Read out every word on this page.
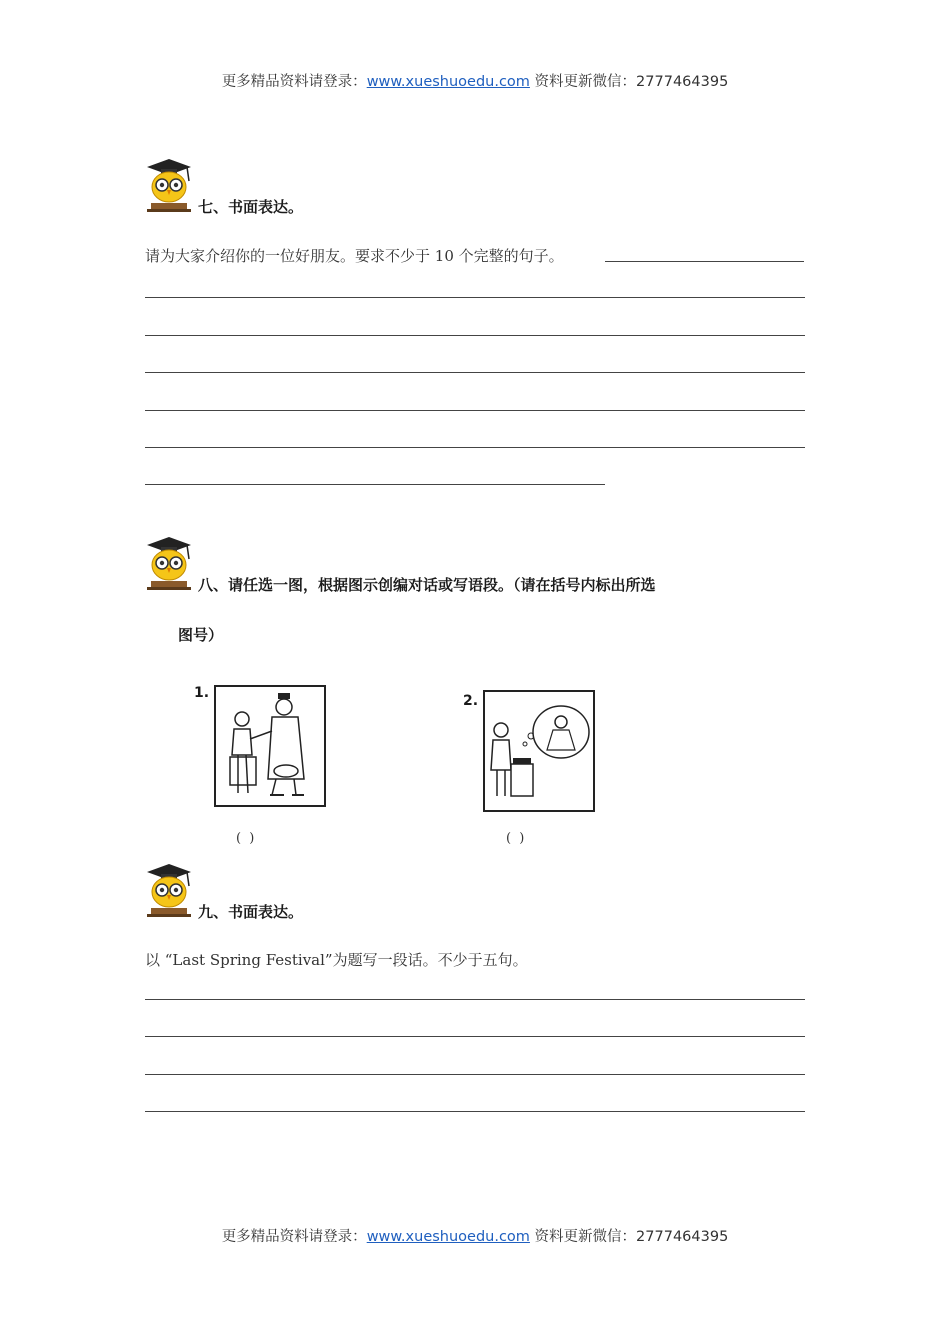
更多精品资料请登录：www.xueshuoedu.com 资料更新微信：2777464395
七、书面表达。
请为大家介绍你的一位好朋友。要求不少于 10 个完整的句子。
八、请任选一图，根据图示创编对话或写语段。（请在括号内标出所选
图号）
1.
( )
2.
( )
九、书面表达。
以 “Last Spring Festival”为题写一段话。不少于五句。
更多精品资料请登录：www.xueshuoedu.com 资料更新微信：2777464395
